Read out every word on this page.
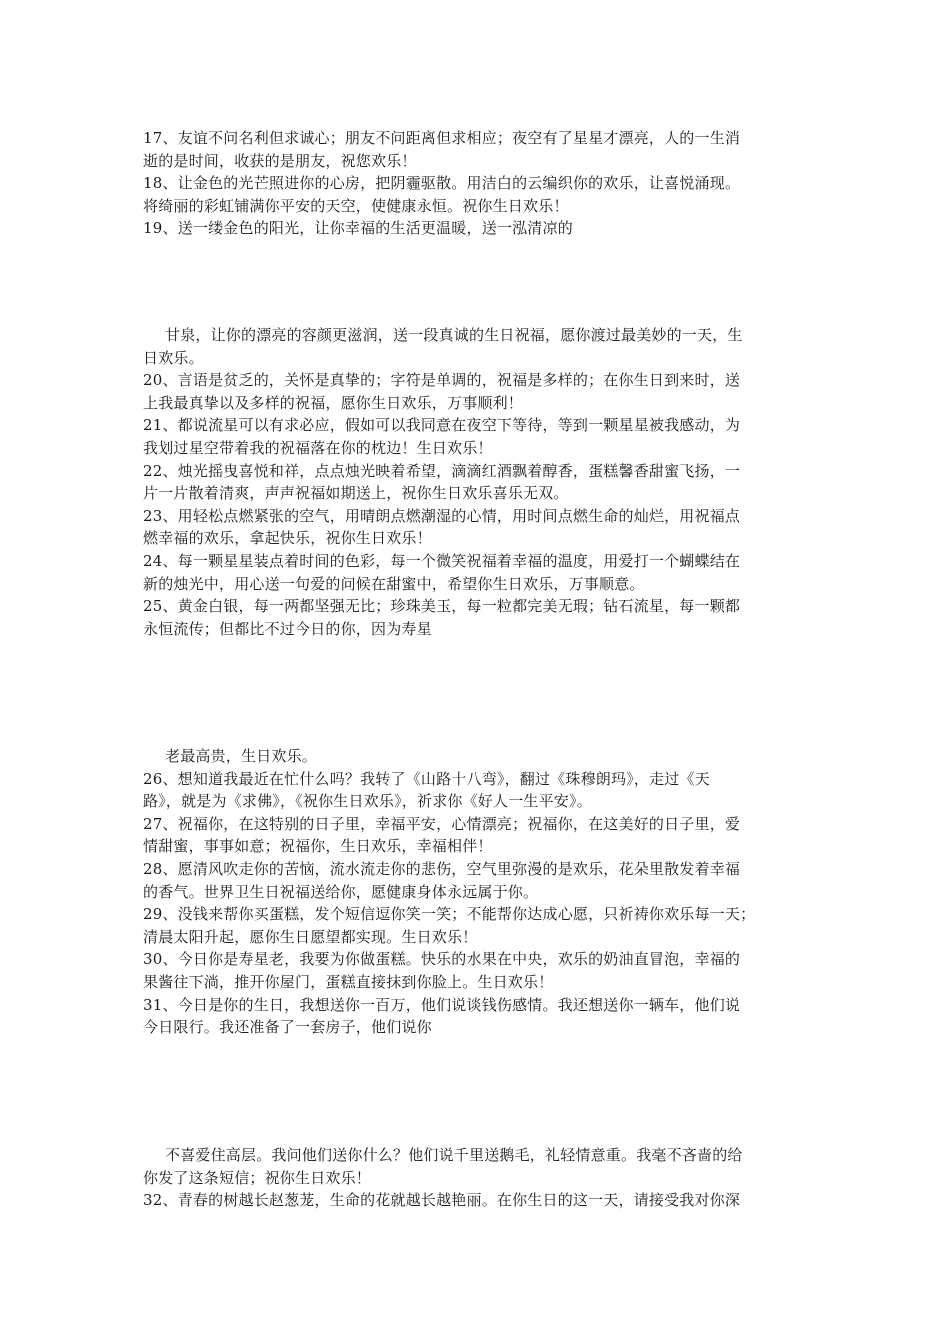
17、友谊不问名利但求诚心；朋友不问距离但求相应；夜空有了星星才漂亮，人的一生消
逝的是时间，收获的是朋友，祝您欢乐！
18、让金色的光芒照进你的心房，把阴霾驱散。用洁白的云编织你的欢乐，让喜悦涌现。
将绮丽的彩虹铺满你平安的天空，使健康永恒。祝你生日欢乐！
19、送一缕金色的阳光，让你幸福的生活更温暖，送一泓清凉的
甘泉，让你的漂亮的容颜更滋润，送一段真诚的生日祝福，愿你渡过最美妙的一天，生
日欢乐。
20、言语是贫乏的，关怀是真挚的；字符是单调的，祝福是多样的；在你生日到来时，送
上我最真挚以及多样的祝福，愿你生日欢乐，万事顺利！
21、都说流星可以有求必应，假如可以我同意在夜空下等待，等到一颗星星被我感动，为
我划过星空带着我的祝福落在你的枕边！生日欢乐！
22、烛光摇曳喜悦和祥，点点烛光映着希望，滴滴红酒飘着醇香，蛋糕馨香甜蜜飞扬，一
片一片散着清爽，声声祝福如期送上，祝你生日欢乐喜乐无双。
23、用轻松点燃紧张的空气，用晴朗点燃潮湿的心情，用时间点燃生命的灿烂，用祝福点
燃幸福的欢乐，拿起快乐，祝你生日欢乐！
24、每一颗星星装点着时间的色彩，每一个微笑祝福着幸福的温度，用爱打一个蝴蝶结在
新的烛光中，用心送一句爱的问候在甜蜜中，希望你生日欢乐，万事顺意。
25、黄金白银，每一两都坚强无比；珍珠美玉，每一粒都完美无瑕；钻石流星，每一颗都
永恒流传；但都比不过今日的你，因为寿星
老最高贵，生日欢乐。
26、想知道我最近在忙什么吗？我转了《山路十八弯》，翻过《珠穆朗玛》，走过《天
路》，就是为《求佛》，《祝你生日欢乐》，祈求你《好人一生平安》。
27、祝福你，在这特别的日子里，幸福平安，心情漂亮；祝福你，在这美好的日子里，爱
情甜蜜，事事如意；祝福你，生日欢乐，幸福相伴！
28、愿清风吹走你的苦恼，流水流走你的悲伤，空气里弥漫的是欢乐，花朵里散发着幸福
的香气。世界卫生日祝福送给你，愿健康身体永远属于你。
29、没钱来帮你买蛋糕，发个短信逗你笑一笑；不能帮你达成心愿，只祈祷你欢乐每一天；
清晨太阳升起，愿你生日愿望都实现。生日欢乐！
30、今日你是寿星老，我要为你做蛋糕。快乐的水果在中央，欢乐的奶油直冒泡，幸福的
果酱往下淌，推开你屋门，蛋糕直接抹到你脸上。生日欢乐！
31、今日是你的生日，我想送你一百万，他们说谈钱伤感情。我还想送你一辆车，他们说
今日限行。我还准备了一套房子，他们说你
不喜爱住高层。我问他们送你什么？他们说千里送鹅毛，礼轻情意重。我毫不吝啬的给
你发了这条短信；祝你生日欢乐！
32、青春的树越长赵葱茏，生命的花就越长越艳丽。在你生日的这一天，请接受我对你深
